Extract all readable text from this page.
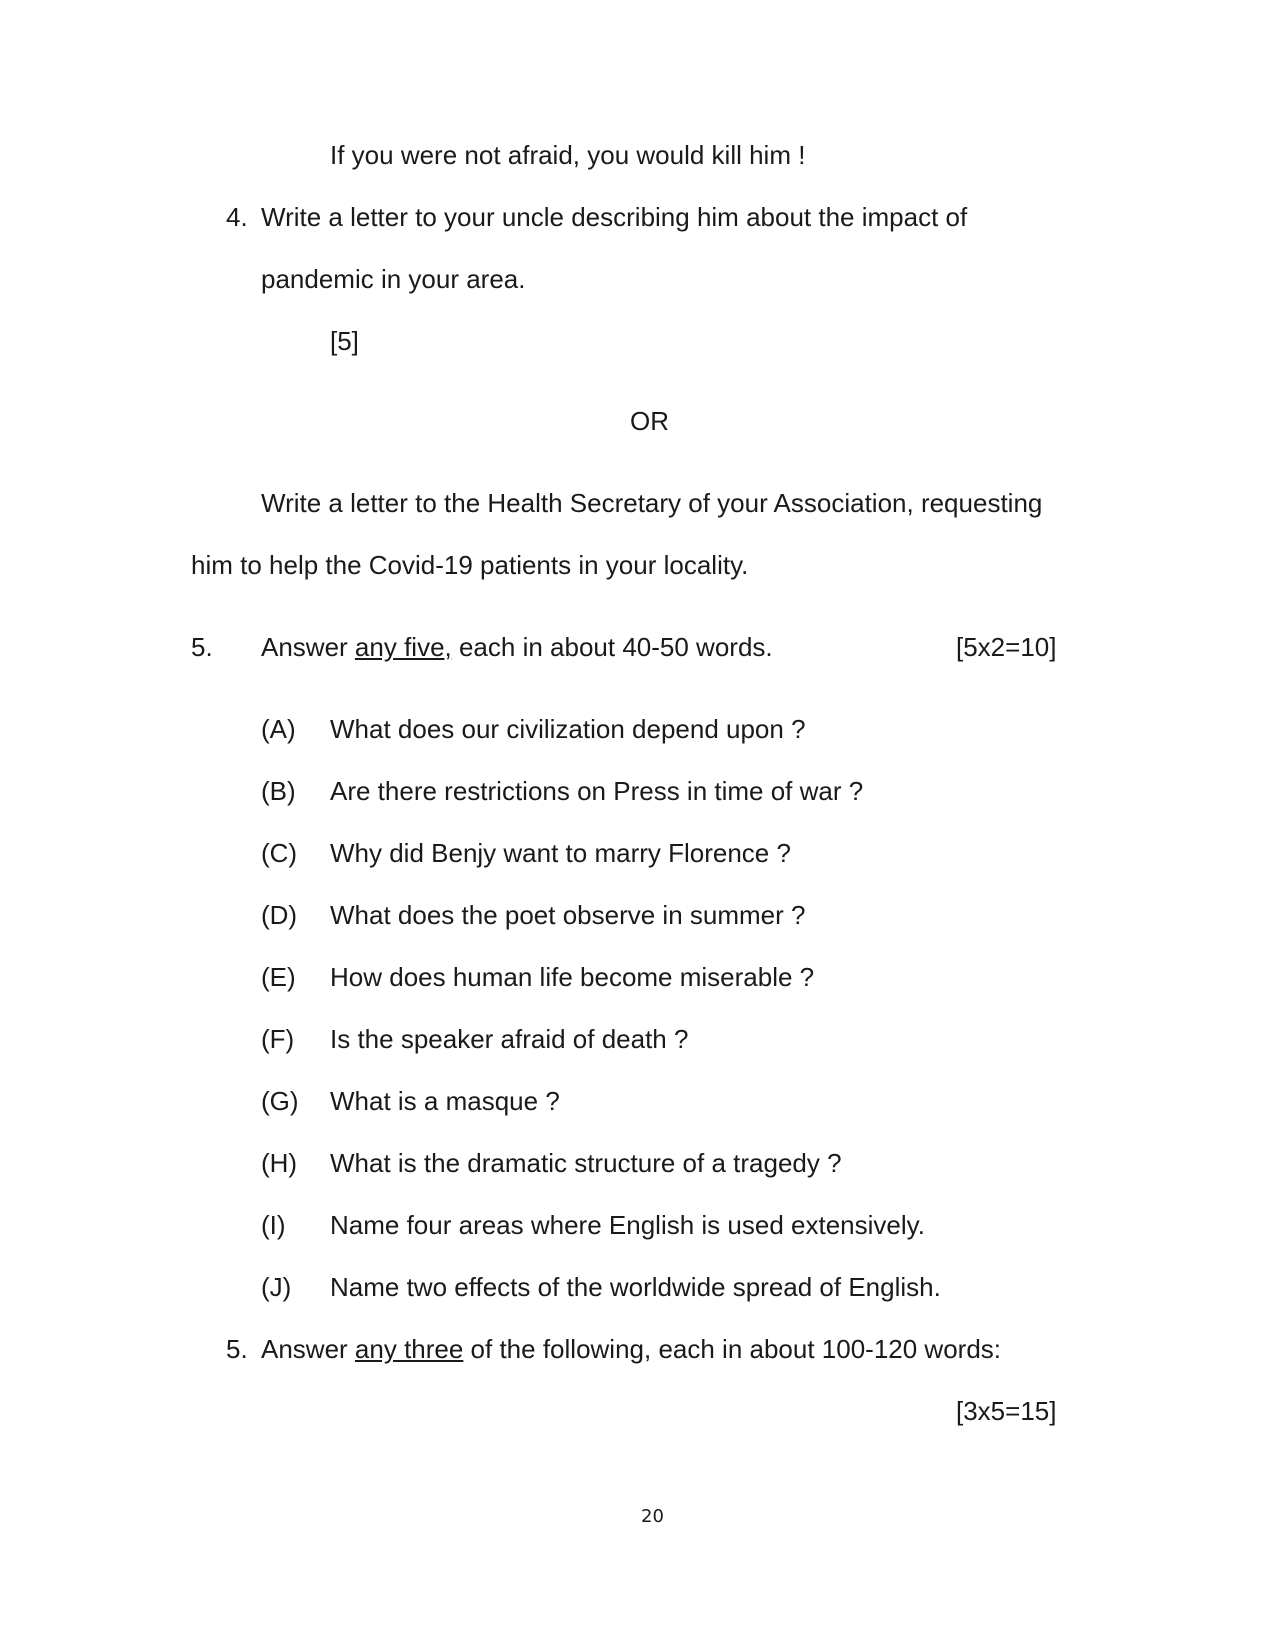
If you were not afraid, you would kill him !

4. Write a letter to your uncle describing him about the impact of
pandemic in your area.
[5]
OR
Write a letter to the Health Secretary of your Association, requesting
him to help the Covid-19 patients in your locality.
5. Answer any five, each in about 40-50 words.	[5x2=10]
(A) What does our civilization depend upon ?
(B) Are there restrictions on Press in time of war ?
(C) Why did Benjy want to marry Florence ?
(D) What does the poet observe in summer ?
(E) How does human life become miserable ?
(F) Is the speaker afraid of death ?
(G) What is a masque ?
(H) What is the dramatic structure of a tragedy ?
(I) Name four areas where English is used extensively.
(J) Name two effects of the worldwide spread of English.
5. Answer any three of the following, each in about 100-120 words:
[3x5=15]
20
